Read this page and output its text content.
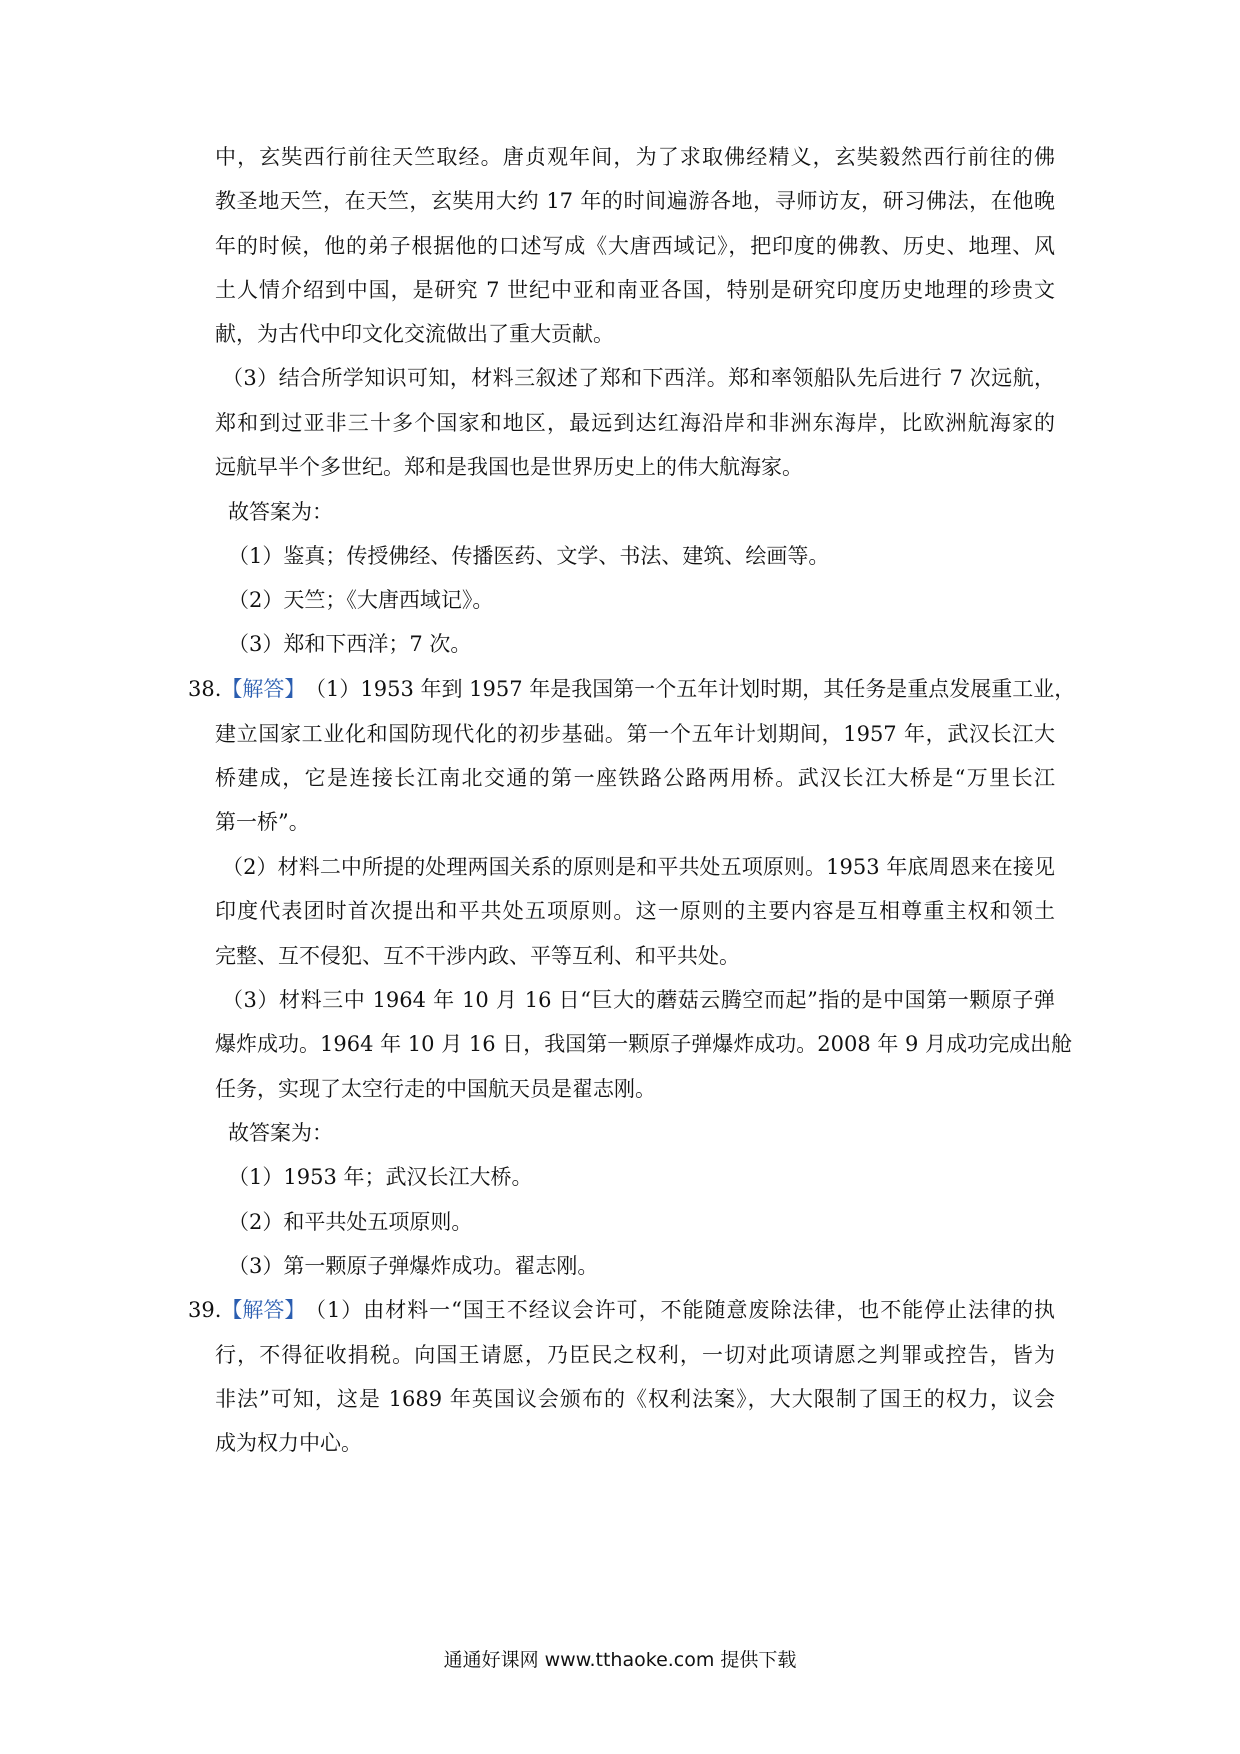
中，玄奘西行前往天竺取经。唐贞观年间，为了求取佛经精义，玄奘毅然西行前往的佛
教圣地天竺，在天竺，玄奘用大约 17 年的时间遍游各地，寻师访友，研习佛法，在他晚
年的时候，他的弟子根据他的口述写成《大唐西域记》，把印度的佛教、历史、地理、风
土人情介绍到中国，是研究 7 世纪中亚和南亚各国，特别是研究印度历史地理的珍贵文
献，为古代中印文化交流做出了重大贡献。
（3）结合所学知识可知，材料三叙述了郑和下西洋。郑和率领船队先后进行 7 次远航，
郑和到过亚非三十多个国家和地区，最远到达红海沿岸和非洲东海岸，比欧洲航海家的
远航早半个多世纪。郑和是我国也是世界历史上的伟大航海家。
故答案为：
（1）鉴真；传授佛经、传播医药、文学、书法、建筑、绘画等。
（2）天竺；《大唐西域记》。
（3）郑和下西洋；7 次。
38.【解答】 （1）1953 年到 1957 年是我国第一个五年计划时期，其任务是重点发展重工业，
建立国家工业化和国防现代化的初步基础。第一个五年计划期间，1957 年，武汉长江大
桥建成，它是连接长江南北交通的第一座铁路公路两用桥。武汉长江大桥是“万里长江
第一桥”。
（2）材料二中所提的处理两国关系的原则是和平共处五项原则。1953 年底周恩来在接见
印度代表团时首次提出和平共处五项原则。这一原则的主要内容是互相尊重主权和领土
完整、互不侵犯、互不干涉内政、平等互利、和平共处。
（3）材料三中 1964 年 10 月 16 日“巨大的蘑菇云腾空而起”指的是中国第一颗原子弹
爆炸成功。1964 年 10 月 16 日，我国第一颗原子弹爆炸成功。2008 年 9 月成功完成出舱
任务，实现了太空行走的中国航天员是翟志刚。
故答案为：
（1）1953 年；武汉长江大桥。
（2）和平共处五项原则。
（3）第一颗原子弹爆炸成功。翟志刚。
39.【解答】 （1）由材料一“国王不经议会许可，不能随意废除法律，也不能停止法律的执
行，不得征收捐税。向国王请愿，乃臣民之权利，一切对此项请愿之判罪或控告，皆为
非法”可知，这是 1689 年英国议会颁布的《权利法案》，大大限制了国王的权力，议会
成为权力中心。
通通好课网 www.tthaoke.com 提供下载
